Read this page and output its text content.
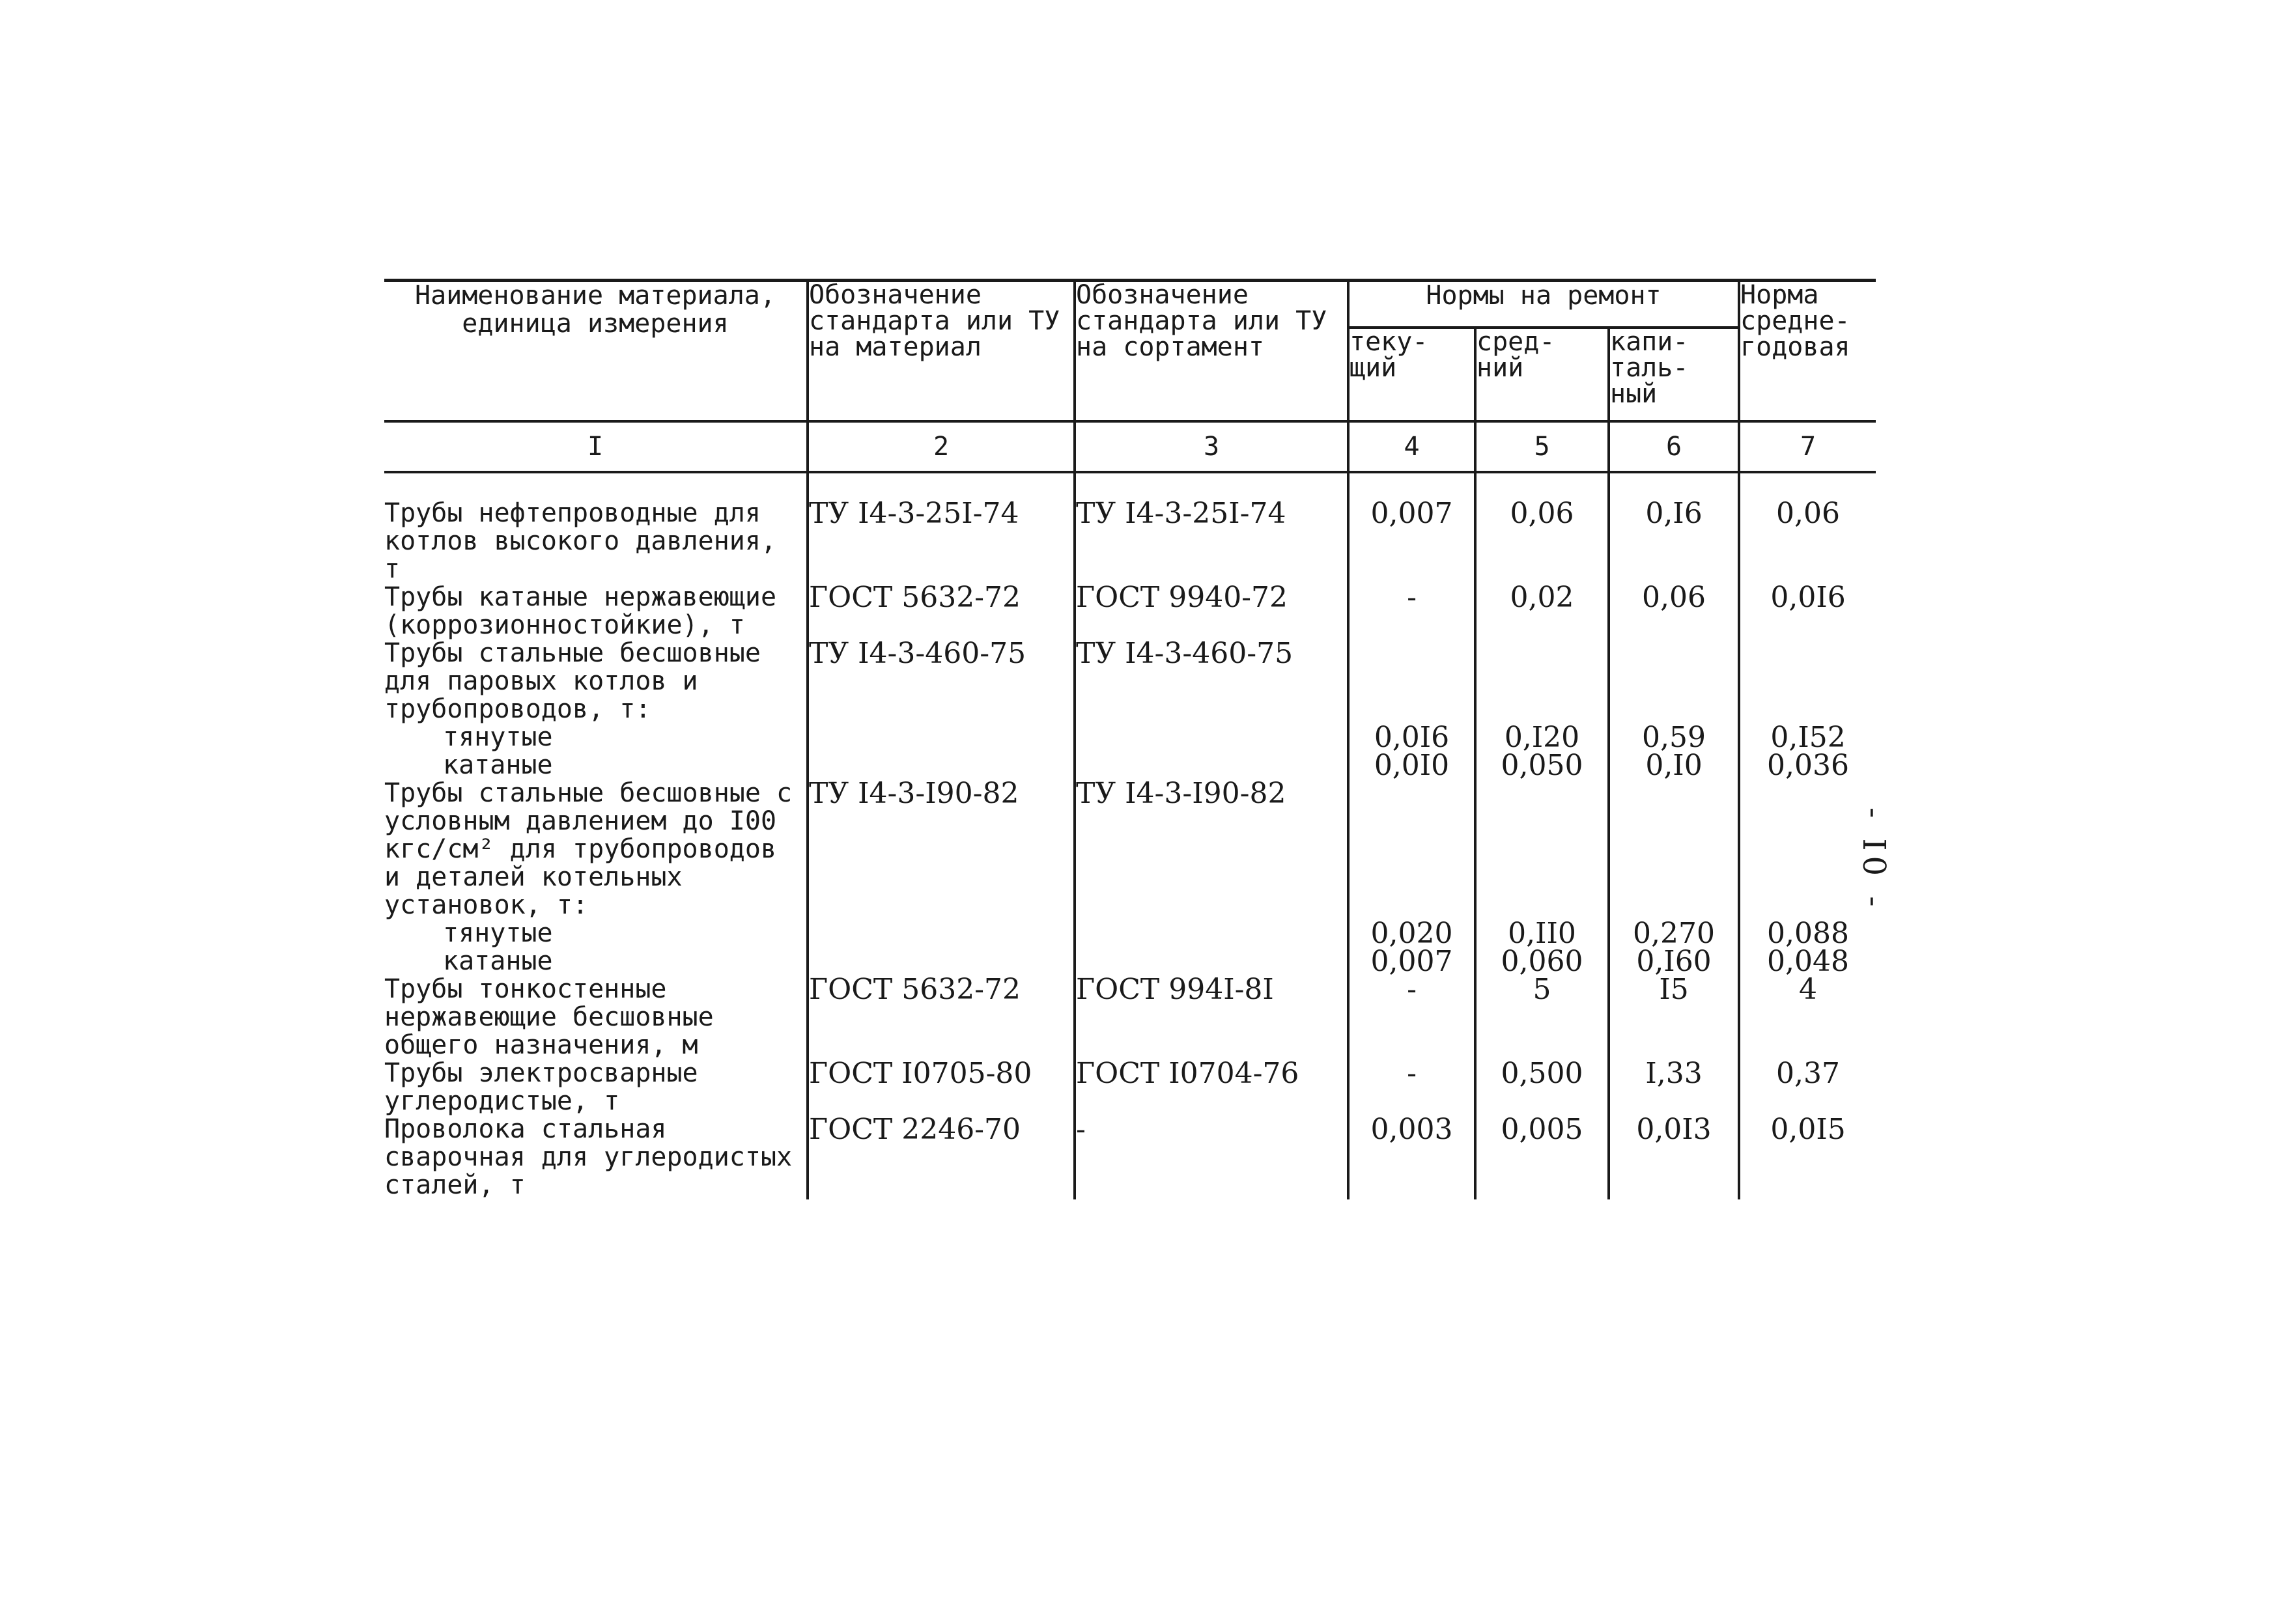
Наименование материала, единица измерения	Обозначение стандарта или ТУ на материал	Обозначение стандарта или ТУ на сортамент	Нормы на ремонт			Норма средне- годовая
			теку- щий	сред- ний	капи- таль- ный	
I	2	3	4	5	6	7

Трубы нефтепроводные для котлов высокого давления, т	ТУ I4-3-25I-74	ТУ I4-3-25I-74	0,007	0,06	0,I6	0,06
Трубы катаные нержавеющие (коррозионностойкие), т	ГОСТ 5632-72	ГОСТ 9940-72	-	0,02	0,06	0,0I6
Трубы стальные бесшовные для паровых котлов и трубопроводов, т:	ТУ I4-3-460-75	ТУ I4-3-460-75				
тянутые			0,0I6	0,I20	0,59	0,I52
катаные			0,0I0	0,050	0,I0	0,036
Трубы стальные бесшовные с условным давлением до I00 кгс/см² для трубопроводов и деталей котельных установок, т:	ТУ I4-3-I90-82	ТУ I4-3-I90-82				
тянутые			0,020	0,II0	0,270	0,088
катаные			0,007	0,060	0,I60	0,048
Трубы тонкостенные нержавеющие бесшовные общего назначения, м	ГОСТ 5632-72	ГОСТ 994I-8I	-	5	I5	4
Трубы электросварные углеродистые, т	ГОСТ I0705-80	ГОСТ I0704-76	-	0,500	I,33	0,37
Проволока стальная сварочная для углеродистых сталей, т	ГОСТ 2246-70	-	0,003	0,005	0,0I3	0,0I5
- I0 -
